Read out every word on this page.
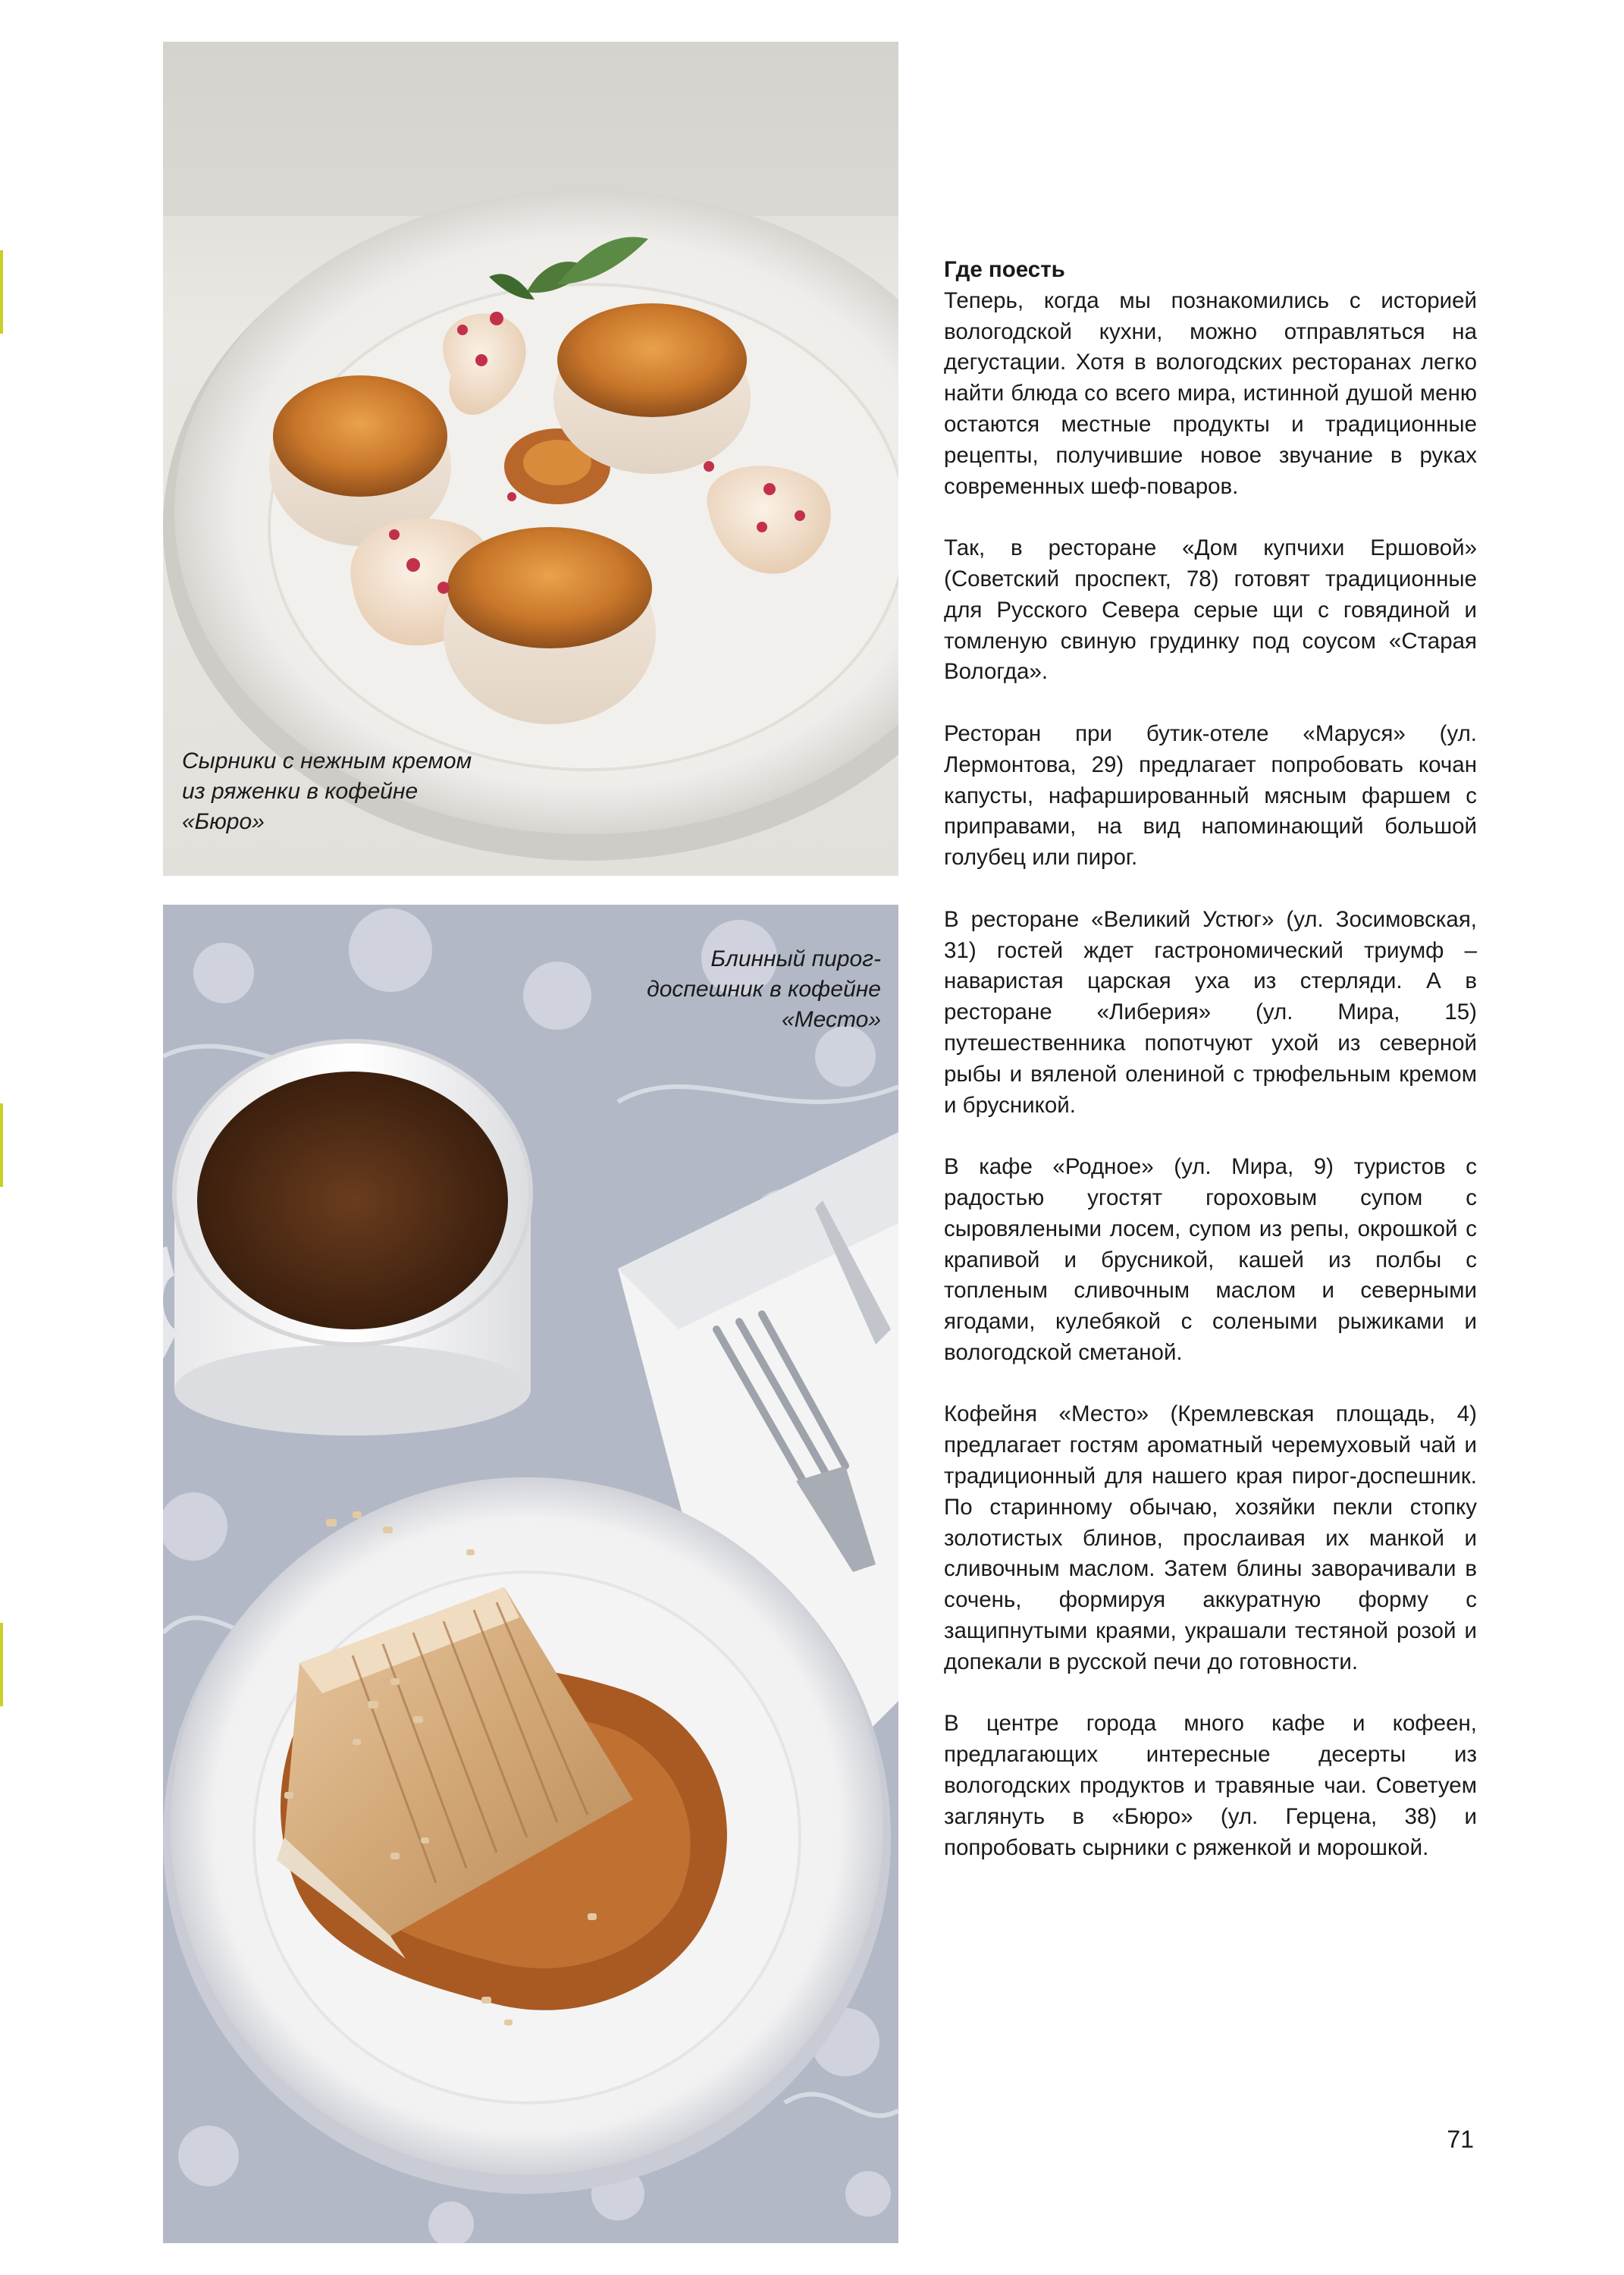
Сырники с нежным кремом из ряженки в кофейне «Бюро»

Блинный пирог-доспешник в кофейне «Место»

Где поесть

Теперь, когда мы познакомились с историей вологодской кухни, можно отправляться на дегустации. Хотя в вологодских ресторанах легко найти блюда со всего мира, истинной душой меню остаются местные продукты и традиционные рецепты, получившие новое звучание в руках современных шеф-поваров.

Так, в ресторане «Дом купчихи Ершовой» (Советский проспект, 78) готовят традиционные для Русского Севера серые щи с говядиной и томленую свиную грудинку под соусом «Старая Вологда».

Ресторан при бутик-отеле «Маруся» (ул. Лермонтова, 29) предлагает попробовать кочан капусты, нафаршированный мясным фаршем с приправами, на вид напоминающий большой голубец или пирог.

В ресторане «Великий Устюг» (ул. Зосимовская, 31) гостей ждет гастрономический триумф – наваристая царская уха из стерляди. А в ресторане «Либерия» (ул. Мира, 15) путешественника попотчуют ухой из северной рыбы и вяленой олениной с трюфельным кремом и брусникой.

В кафе «Родное» (ул. Мира, 9) туристов с радостью угостят гороховым супом с сыровялеными лосем, супом из репы, окрошкой с крапивой и брусникой, кашей из полбы с топленым сливочным маслом и северными ягодами, кулебякой с солеными рыжиками и вологодской сметаной.

Кофейня «Место» (Кремлевская площадь, 4) предлагает гостям ароматный черемуховый чай и традиционный для нашего края пирог-доспешник. По старинному обычаю, хозяйки пекли стопку золотистых блинов, прослаивая их манкой и сливочным маслом. Затем блины заворачивали в сочень, формируя аккуратную форму с защипнутыми краями, украшали тестяной розой и допекали в русской печи до готовности.

В центре города много кафе и кофеен, предлагающих интересные десерты из вологодских продуктов и травяные чаи. Советуем заглянуть в «Бюро» (ул. Герцена, 38) и попробовать сырники с ряженкой и морошкой.

71
